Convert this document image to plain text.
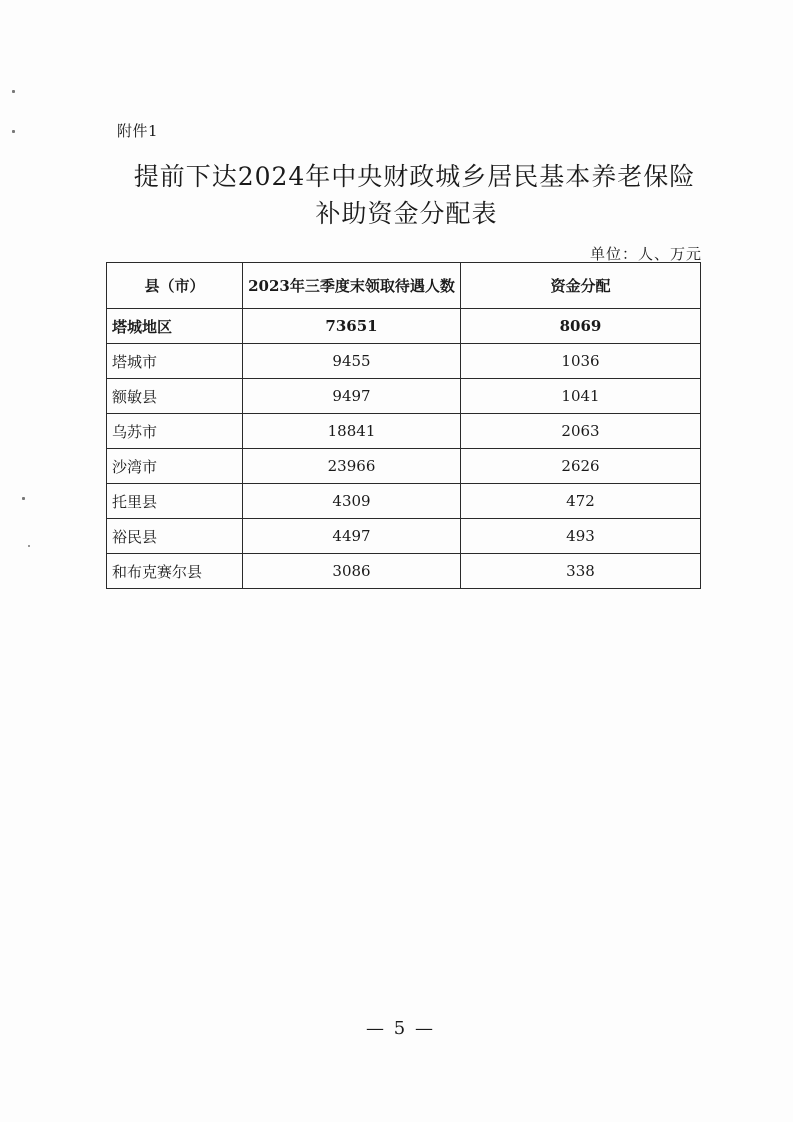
附件1
提前下达2024年中央财政城乡居民基本养老保险
补助资金分配表
单位：人、万元
县（市）	2023年三季度末领取待遇人数	资金分配
塔城地区	73651	8069
塔城市	9455	1036
额敏县	9497	1041
乌苏市	18841	2063
沙湾市	23966	2626
托里县	4309	472
裕民县	4497	493
和布克赛尔县	3086	338
— 5 —
